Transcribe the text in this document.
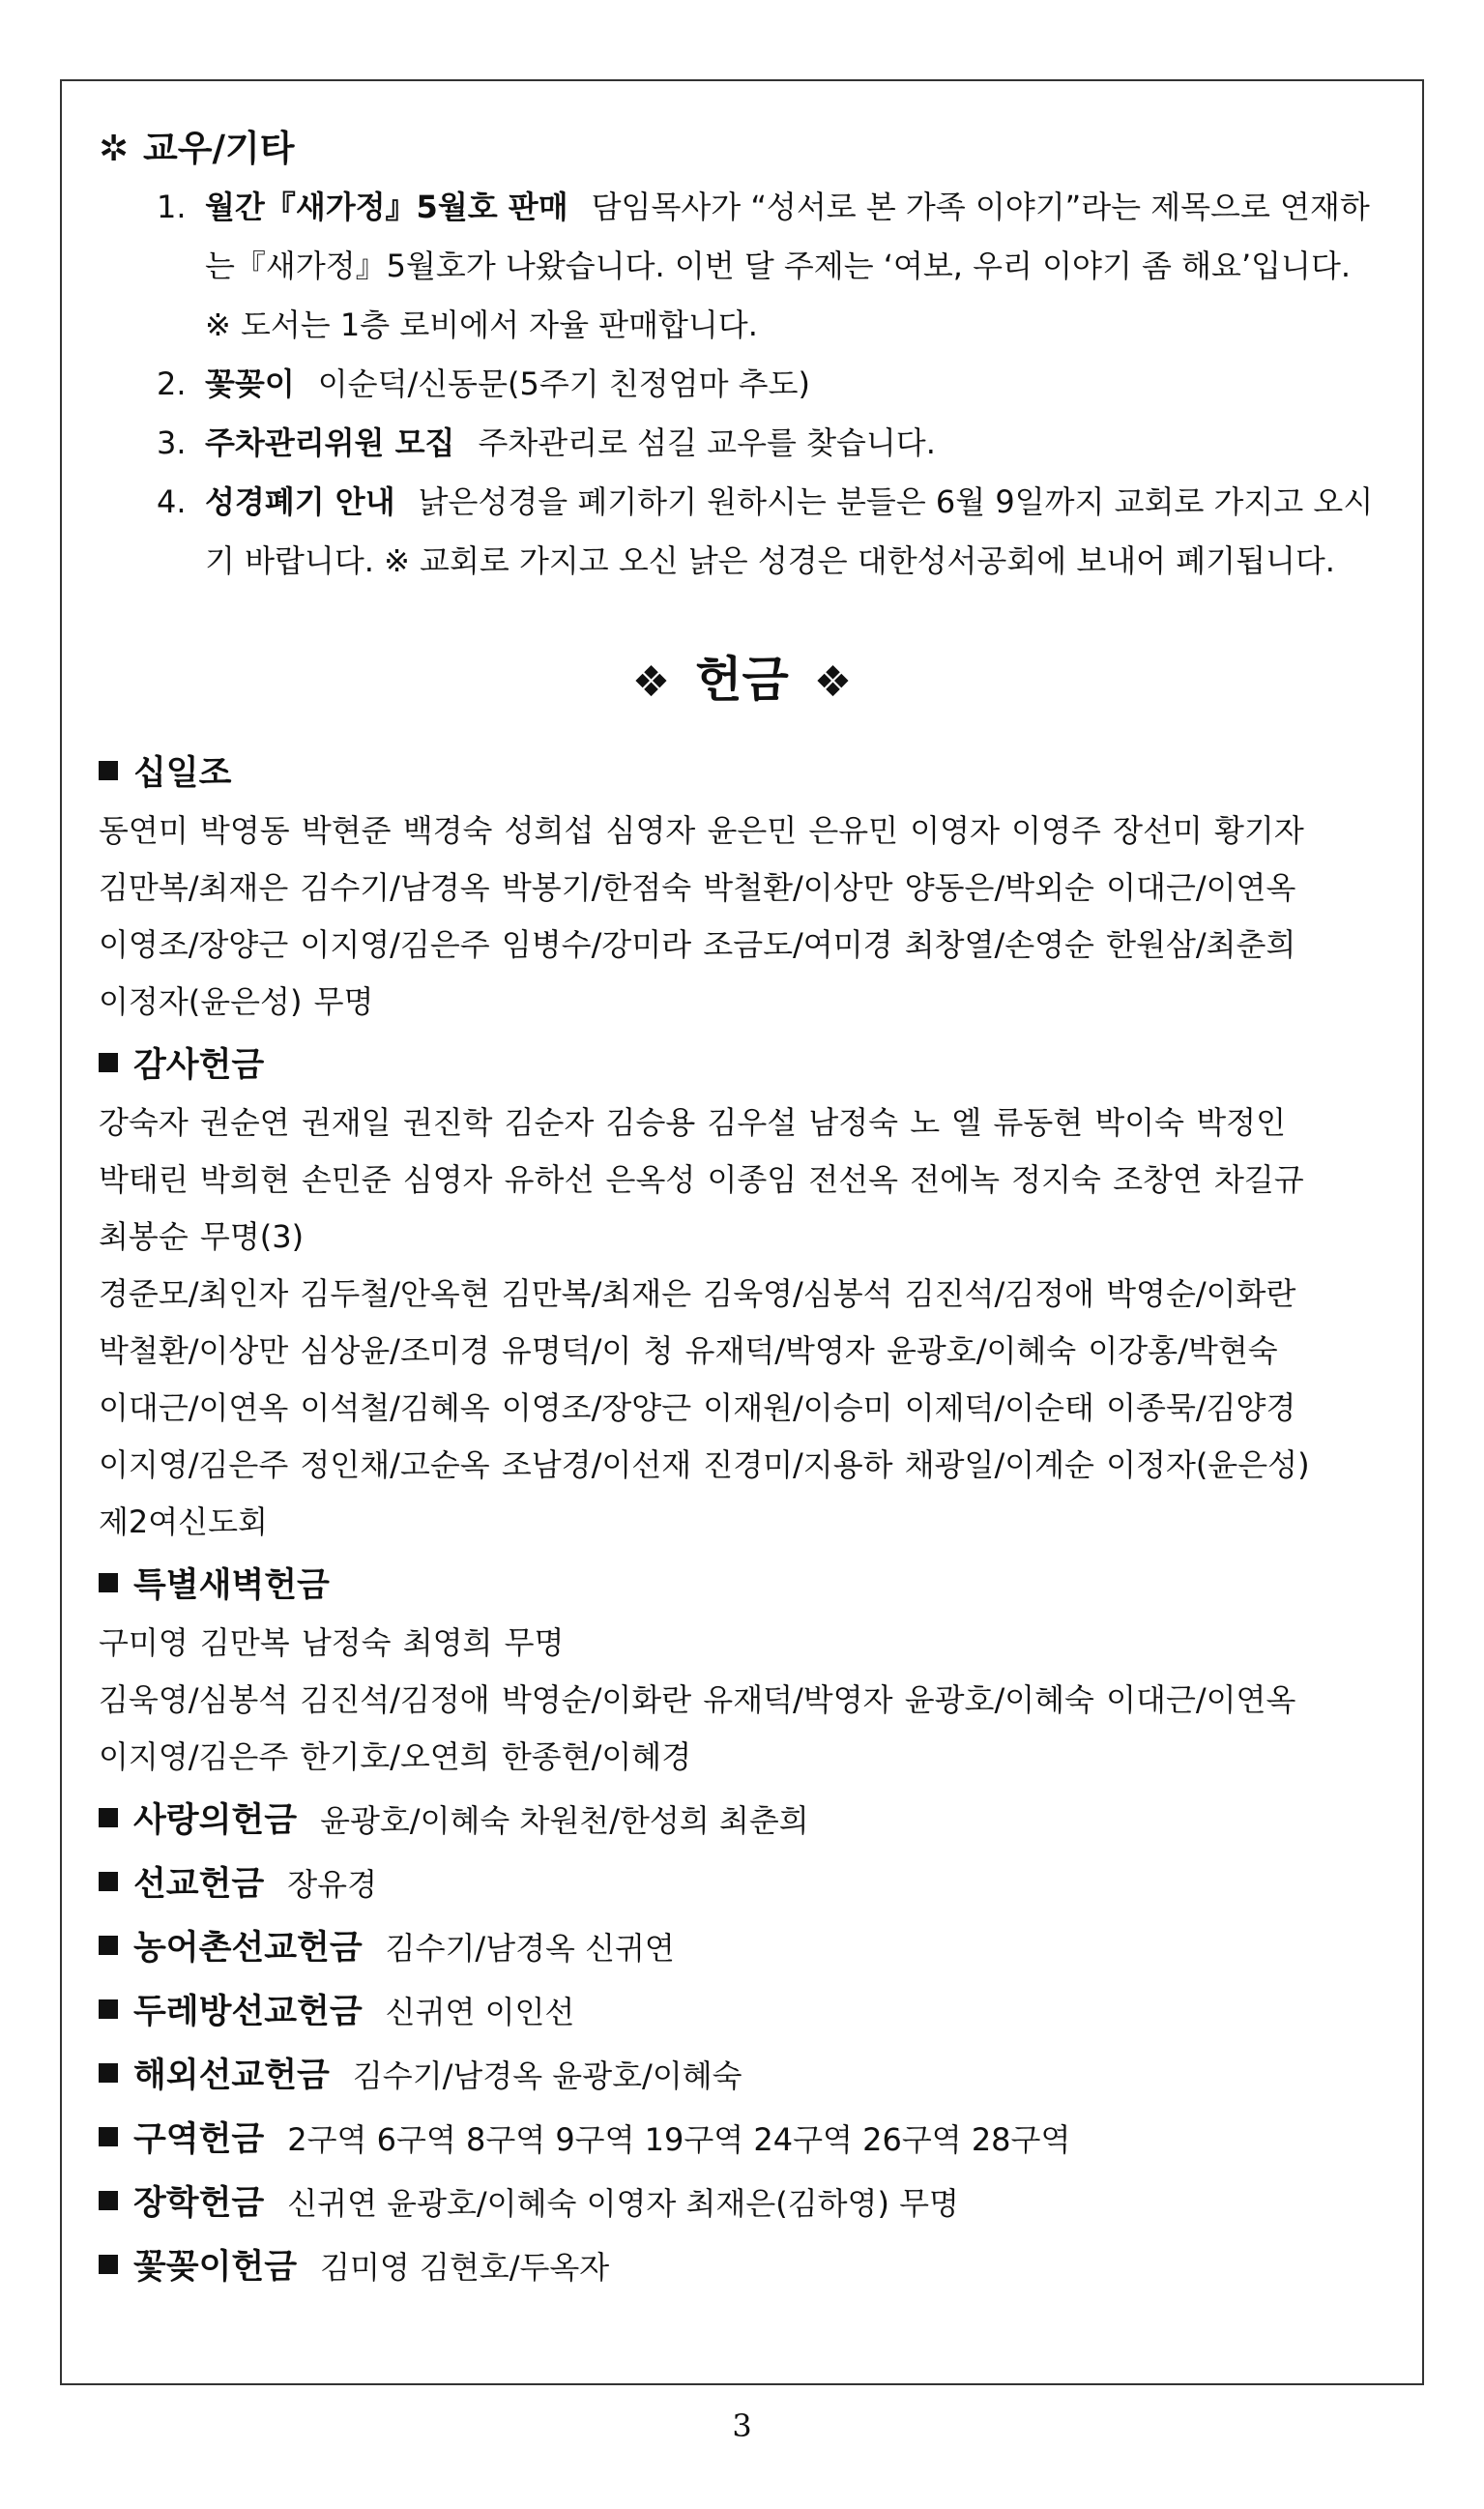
✲ 교우/기타
1. 월간『새가정』5월호 판매 담임목사가 “성서로 본 가족 이야기”라는 제목으로 연재하는『새가정』5월호가 나왔습니다. 이번 달 주제는 ‘여보, 우리 이야기 좀 해요’입니다.
※ 도서는 1층 로비에서 자율 판매합니다.
2. 꽃꽂이 이순덕/신동문(5주기 친정엄마 추도)
3. 주차관리위원 모집 주차관리로 섬길 교우를 찾습니다.
4. 성경폐기 안내 낡은성경을 폐기하기 원하시는 분들은 6월 9일까지 교회로 가지고 오시기 바랍니다. ※ 교회로 가지고 오신 낡은 성경은 대한성서공회에 보내어 폐기됩니다.
❖ 헌금 ❖
십일조
동연미 박영동 박현준 백경숙 성희섭 심영자 윤은민 은유민 이영자 이영주 장선미 황기자
김만복/최재은 김수기/남경옥 박봉기/한점숙 박철환/이상만 양동은/박외순 이대근/이연옥
이영조/장양근 이지영/김은주 임병수/강미라 조금도/여미경 최창열/손영순 한원삼/최춘희
이정자(윤은성) 무명
감사헌금
강숙자 권순연 권재일 권진학 김순자 김승용 김우설 남정숙 노 엘 류동현 박이숙 박정인
박태린 박희현 손민준 심영자 유하선 은옥성 이종임 전선옥 전에녹 정지숙 조창연 차길규
최봉순 무명(3)
경준모/최인자 김두철/안옥현 김만복/최재은 김욱영/심봉석 김진석/김정애 박영순/이화란
박철환/이상만 심상윤/조미경 유명덕/이 청 유재덕/박영자 윤광호/이혜숙 이강홍/박현숙
이대근/이연옥 이석철/김혜옥 이영조/장양근 이재원/이승미 이제덕/이순태 이종묵/김양경
이지영/김은주 정인채/고순옥 조남경/이선재 진경미/지용하 채광일/이계순 이정자(윤은성)
제2여신도회
특별새벽헌금
구미영 김만복 남정숙 최영희 무명
김욱영/심봉석 김진석/김정애 박영순/이화란 유재덕/박영자 윤광호/이혜숙 이대근/이연옥
이지영/김은주 한기호/오연희 한종현/이혜경
사랑의헌금 윤광호/이혜숙 차원천/한성희 최춘희
선교헌금 장유경
농어촌선교헌금 김수기/남경옥 신귀연
두레방선교헌금 신귀연 이인선
해외선교헌금 김수기/남경옥 윤광호/이혜숙
구역헌금 2구역 6구역 8구역 9구역 19구역 24구역 26구역 28구역
장학헌금 신귀연 윤광호/이혜숙 이영자 최재은(김하영) 무명
꽃꽂이헌금 김미영 김현호/두옥자
3
